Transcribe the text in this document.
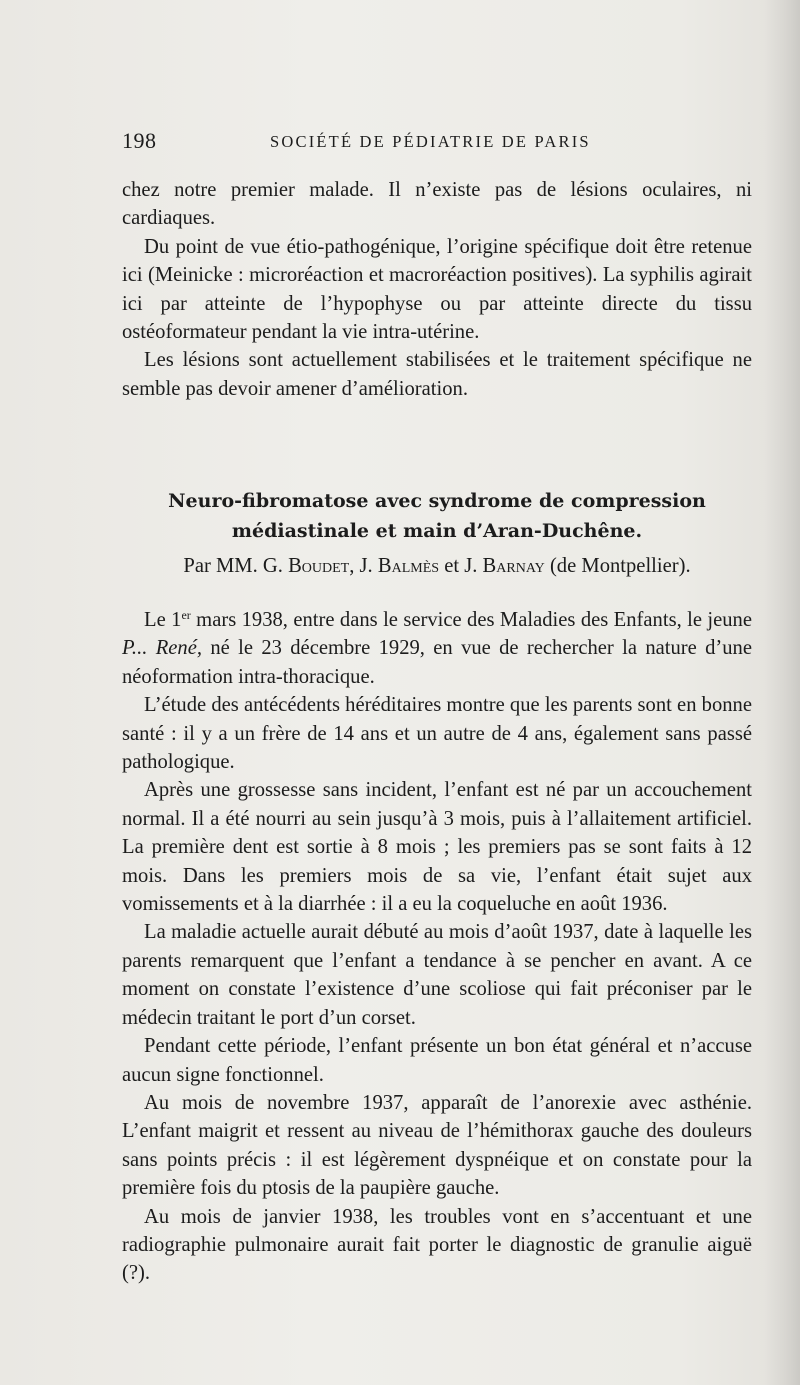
198	SOCIÉTÉ DE PÉDIATRIE DE PARIS

chez notre premier malade. Il n’existe pas de lésions oculaires, ni cardiaques.

Du point de vue étio-pathogénique, l’origine spécifique doit être retenue ici (Meinicke : microréaction et macroréaction positives). La syphilis agirait ici par atteinte de l’hypophyse ou par atteinte directe du tissu ostéoformateur pendant la vie intra-utérine.

Les lésions sont actuellement stabilisées et le traitement spécifique ne semble pas devoir amener d’amélioration.

Neuro-fibromatose avec syndrome de compression
médiastinale et main d’Aran-Duchêne.
Par MM. G. Boudet, J. Balmès et J. Barnay (de Montpellier).

Le 1er mars 1938, entre dans le service des Maladies des Enfants, le jeune P... René, né le 23 décembre 1929, en vue de rechercher la nature d’une néoformation intra-thoracique.

L’étude des antécédents héréditaires montre que les parents sont en bonne santé : il y a un frère de 14 ans et un autre de 4 ans, également sans passé pathologique.

Après une grossesse sans incident, l’enfant est né par un accouchement normal. Il a été nourri au sein jusqu’à 3 mois, puis à l’allaitement artificiel. La première dent est sortie à 8 mois ; les premiers pas se sont faits à 12 mois. Dans les premiers mois de sa vie, l’enfant était sujet aux vomissements et à la diarrhée : il a eu la coqueluche en août 1936.

La maladie actuelle aurait débuté au mois d’août 1937, date à laquelle les parents remarquent que l’enfant a tendance à se pencher en avant. A ce moment on constate l’existence d’une scoliose qui fait préconiser par le médecin traitant le port d’un corset.

Pendant cette période, l’enfant présente un bon état général et n’accuse aucun signe fonctionnel.

Au mois de novembre 1937, apparaît de l’anorexie avec asthénie. L’enfant maigrit et ressent au niveau de l’hémithorax gauche des douleurs sans points précis : il est légèrement dyspnéique et on constate pour la première fois du ptosis de la paupière gauche.

Au mois de janvier 1938, les troubles vont en s’accentuant et une radiographie pulmonaire aurait fait porter le diagnostic de granulie aiguë (?).
